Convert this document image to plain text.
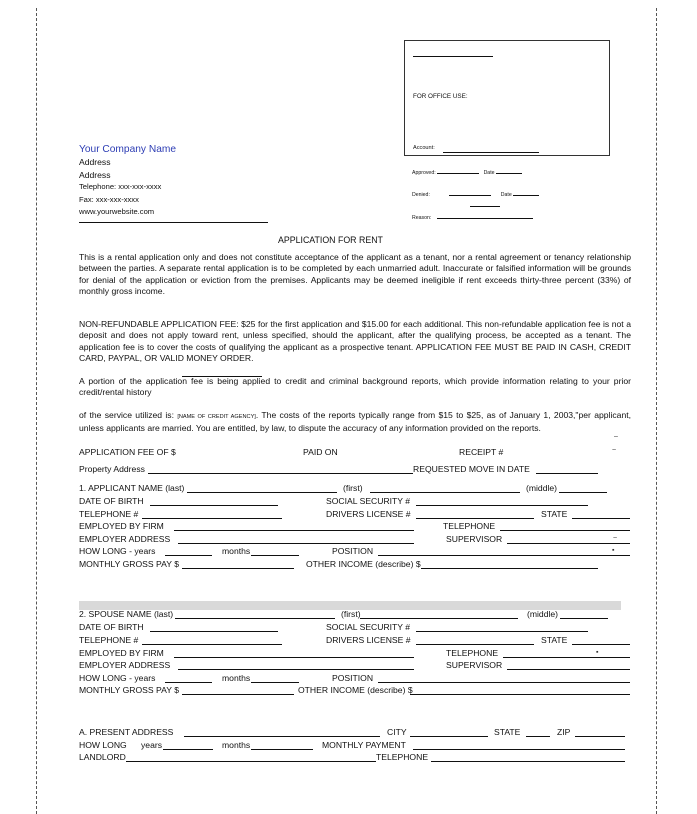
FOR OFFICE USE:
Account:
Approved:	Date
Denied:	Date
Reason:
Your Company Name
Address
Address
Telephone: xxx-xxx-xxxx
Fax: xxx-xxx-xxxx
www.yourwebsite.com
APPLICATION FOR RENT
This is a rental application only and does not constitute acceptance of the applicant as a tenant, nor a rental agreement or tenancy relationship between the parties. A separate rental application is to be completed by each unmarried adult. Inaccurate or falsified information will be grounds for denial of the application or eviction from the premises. Applicants may be deemed ineligible if rent exceeds thirty-three percent (33%) of monthly gross income.
NON-REFUNDABLE APPLICATION FEE: $25 for the first application and $15.00 for each additional. This non-refundable application fee is not a deposit and does not apply toward rent, unless specified, should the applicant, after the qualifying process, be accepted as a tenant. The application fee is to cover the costs of qualifying the applicant as a prospective tenant. APPLICATION FEE MUST BE PAID IN CASH, CREDIT CARD, PAYPAL, OR VALID MONEY ORDER.
A portion of the application fee is being applied to credit and criminal background reports, which provide information relating to your prior credit/rental history
of the service utilized is: [NAME OF CREDIT AGENCY]. The costs of the reports typically range from $15 to $25, as of January 1, 2003,"per applicant, unless applicants are married. You are entitled, by law, to dispute the accuracy of any information provided on the reports.
–
APPLICATION FEE OF $	PAID ON	RECEIPT #	~
Property Address	REQUESTED MOVE IN DATE
1. APPLICANT NAME (last)	(first)	(middle)
DATE OF BIRTH	SOCIAL SECURITY #
TELEPHONE #	DRIVERS LICENSE #	STATE
EMPLOYED BY FIRM	TELEPHONE
EMPLOYER ADDRESS	SUPERVISOR	~
HOW LONG - years	months	POSITION	▪
MONTHLY GROSS PAY $	OTHER INCOME (describe) $
2. SPOUSE NAME (last)	(first)	(middle)
DATE OF BIRTH	SOCIAL SECURITY #
TELEPHONE #	DRIVERS LICENSE #	STATE
EMPLOYED BY FIRM	TELEPHONE	▪
EMPLOYER ADDRESS	SUPERVISOR
HOW LONG - years	months	POSITION
MONTHLY GROSS PAY $	OTHER INCOME (describe) $
A. PRESENT ADDRESS	CITY	STATE	ZIP
HOW LONG years	months	MONTHLY PAYMENT
LANDLORD	TELEPHONE
